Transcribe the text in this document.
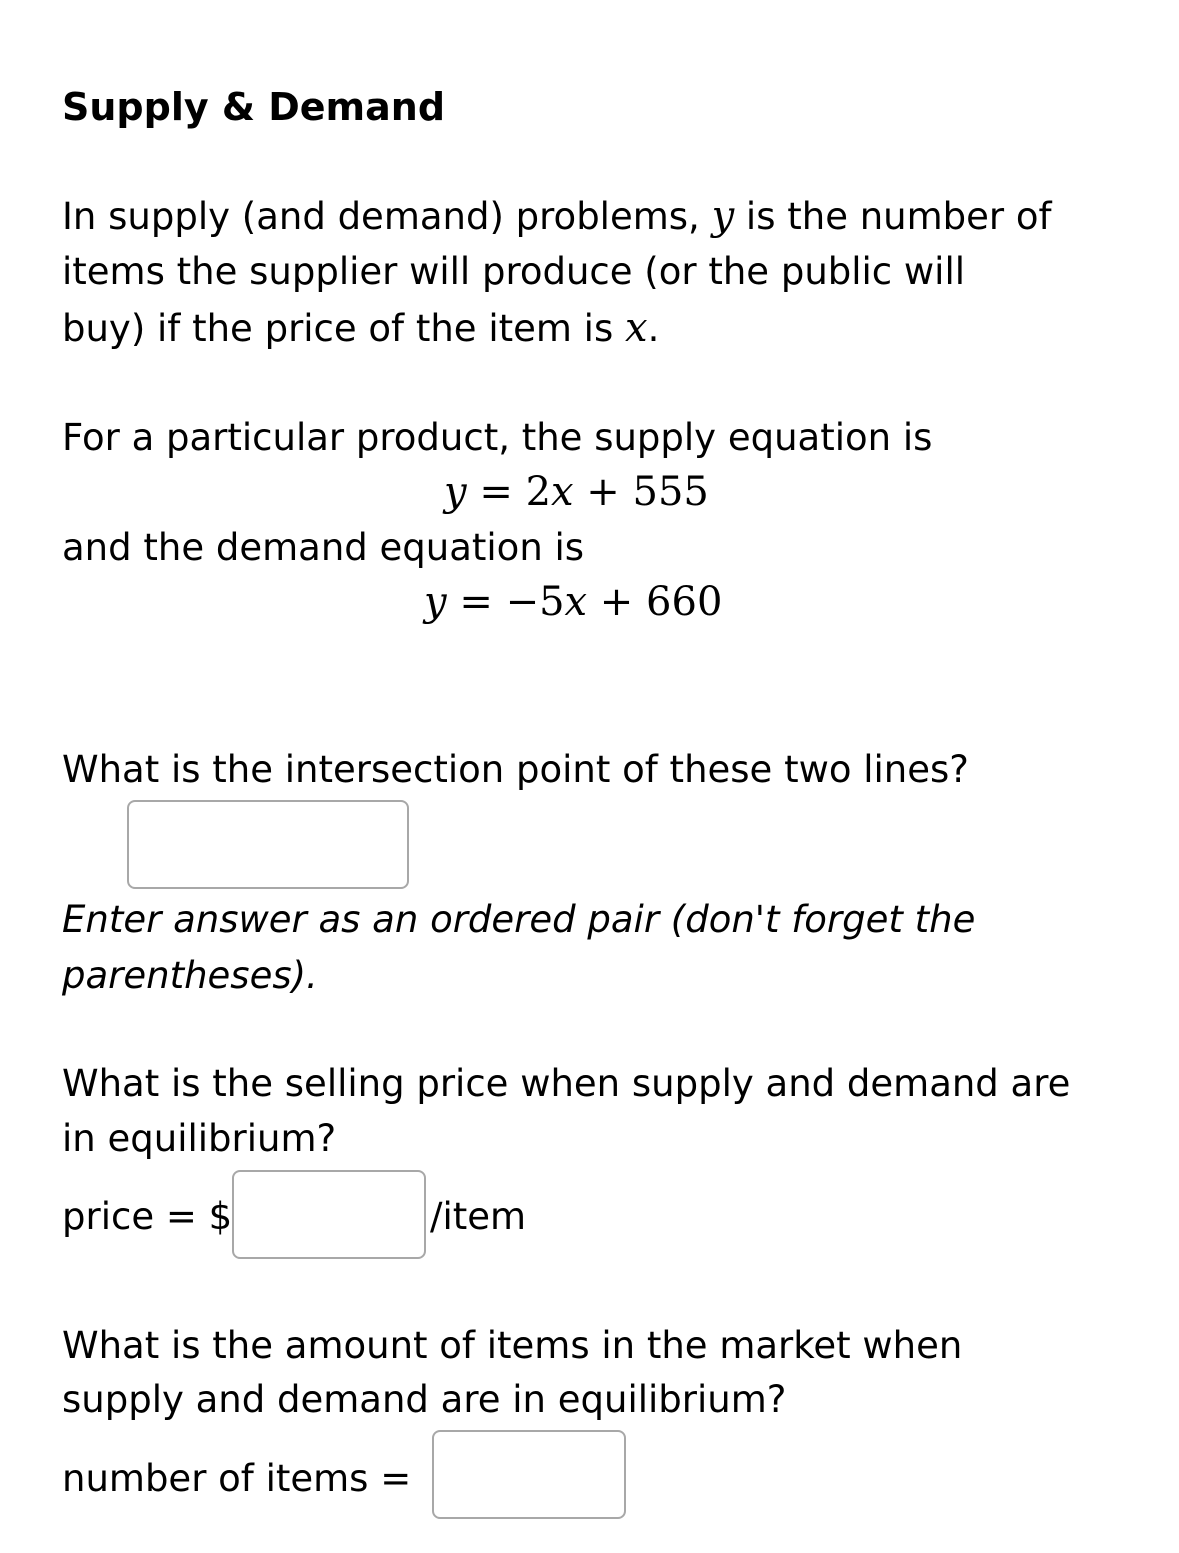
Supply & Demand
In supply (and demand) problems, y is the number of
items the supplier will produce (or the public will
buy) if the price of the item is x.
For a particular product, the supply equation is
y = 2x + 555
and the demand equation is
y = −5x + 660
What is the intersection point of these two lines?
Enter answer as an ordered pair (don't forget the
parentheses).
What is the selling price when supply and demand are
in equilibrium?
price = $	/item
What is the amount of items in the market when
supply and demand are in equilibrium?
number of items =
